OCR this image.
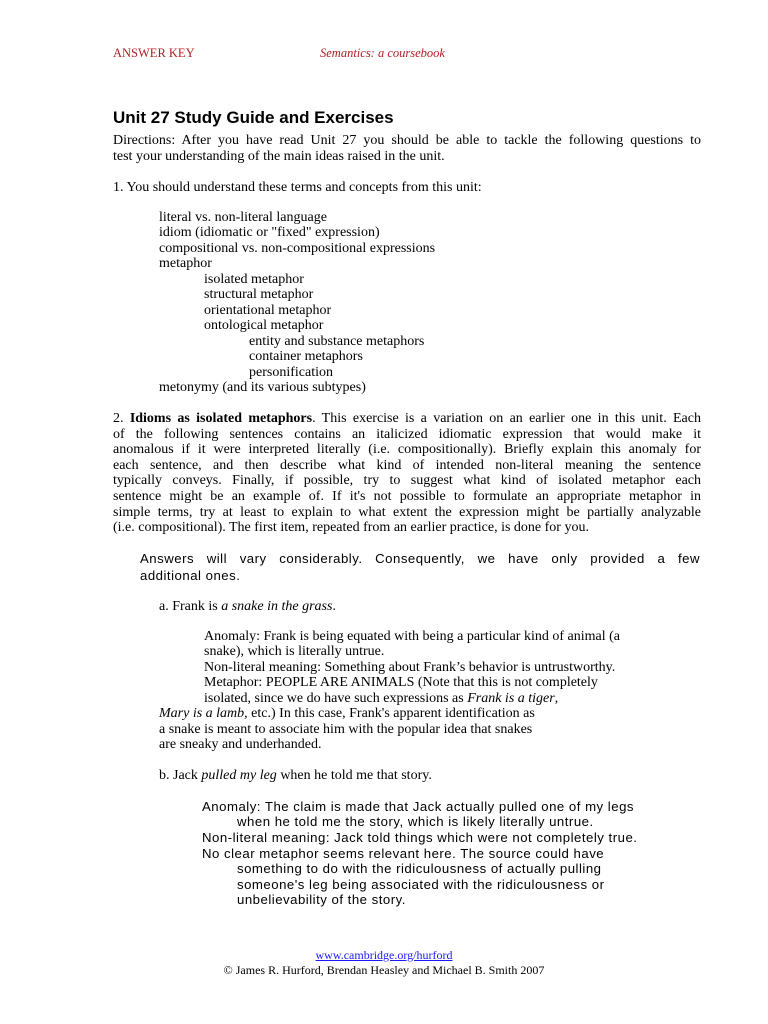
ANSWER KEY	Semantics: a coursebook
Unit 27 Study Guide and Exercises
Directions: After you have read Unit 27 you should be able to tackle the following questions to
test your understanding of the main ideas raised in the unit.
1. You should understand these terms and concepts from this unit:
literal vs. non-literal language
idiom (idiomatic or "fixed" expression)
compositional vs. non-compositional expressions
metaphor
isolated metaphor
structural metaphor
orientational metaphor
ontological metaphor
entity and substance metaphors
container metaphors
personification
metonymy (and its various subtypes)
2. Idioms as isolated metaphors. This exercise is a variation on an earlier one in this unit. Each
of the following sentences contains an italicized idiomatic expression that would make it
anomalous if it were interpreted literally (i.e. compositionally). Briefly explain this anomaly for
each sentence, and then describe what kind of intended non-literal meaning the sentence
typically conveys. Finally, if possible, try to suggest what kind of isolated metaphor each
sentence might be an example of. If it's not possible to formulate an appropriate metaphor in
simple terms, try at least to explain to what extent the expression might be partially analyzable
(i.e. compositional). The first item, repeated from an earlier practice, is done for you.
Answers will vary considerably. Consequently, we have only provided a few
additional ones.
a. Frank is a snake in the grass.
Anomaly: Frank is being equated with being a particular kind of animal (a
snake), which is literally untrue.
Non-literal meaning: Something about Frank’s behavior is untrustworthy.
Metaphor: PEOPLE ARE ANIMALS (Note that this is not completely
isolated, since we do have such expressions as Frank is a tiger,
Mary is a lamb, etc.) In this case, Frank's apparent identification as
a snake is meant to associate him with the popular idea that snakes
are sneaky and underhanded.
b. Jack pulled my leg when he told me that story.
Anomaly: The claim is made that Jack actually pulled one of my legs
when he told me the story, which is likely literally untrue.
Non-literal meaning: Jack told things which were not completely true.
No clear metaphor seems relevant here. The source could have
something to do with the ridiculousness of actually pulling
someone's leg being associated with the ridiculousness or
unbelievability of the story.
www.cambridge.org/hurford
© James R. Hurford, Brendan Heasley and Michael B. Smith 2007
